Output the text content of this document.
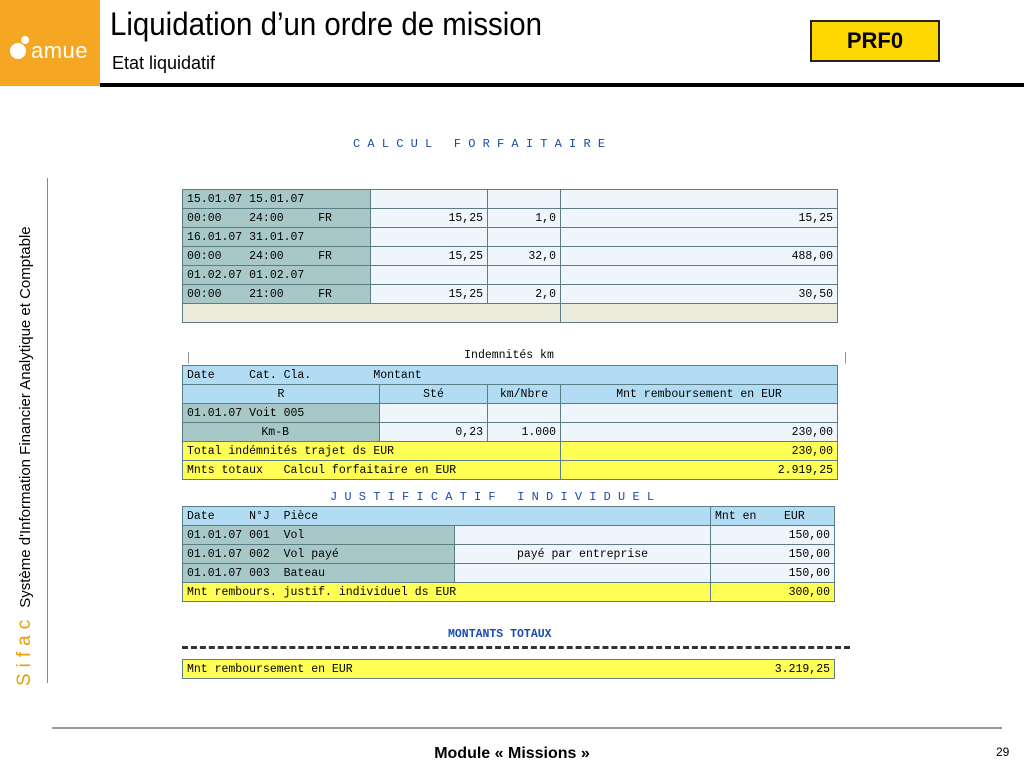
amue
Liquidation d’un ordre de mission
Etat liquidatif
PRF0
SifacSystème d'Information Financier Analytique et Comptable
C A L C U L   F O R F A I T A I R E
15.01.07 15.01.07			
00:00    24:00     FR	15,25	1,0	15,25
16.01.07 31.01.07			
00:00    24:00     FR	15,25	32,0	488,00
01.02.07 01.02.07			
00:00    21:00     FR	15,25	2,0	30,50

|	Indemnités km	|
Date     Cat. Cla.         Montant			
R	Sté	km/Nbre	Mnt remboursement en EUR
01.01.07 Voit 005			
Km-B	0,23	1.000	230,00
Total indémnités trajet ds EUR			230,00
Mnts totaux   Calcul forfaitaire en EUR			2.919,25
J U S T I F I C A T I F   I N D I V I D U E L
Date     N°J  Pièce		Mnt en    EUR
01.01.07 001  Vol		150,00
01.01.07 002  Vol payé	payé par entreprise	150,00
01.01.07 003  Bateau		150,00
Mnt rembours. justif. individuel ds EUR		300,00
MONTANTS TOTAUX
Mnt remboursement en EUR	3.219,25
Module « Missions »	29
